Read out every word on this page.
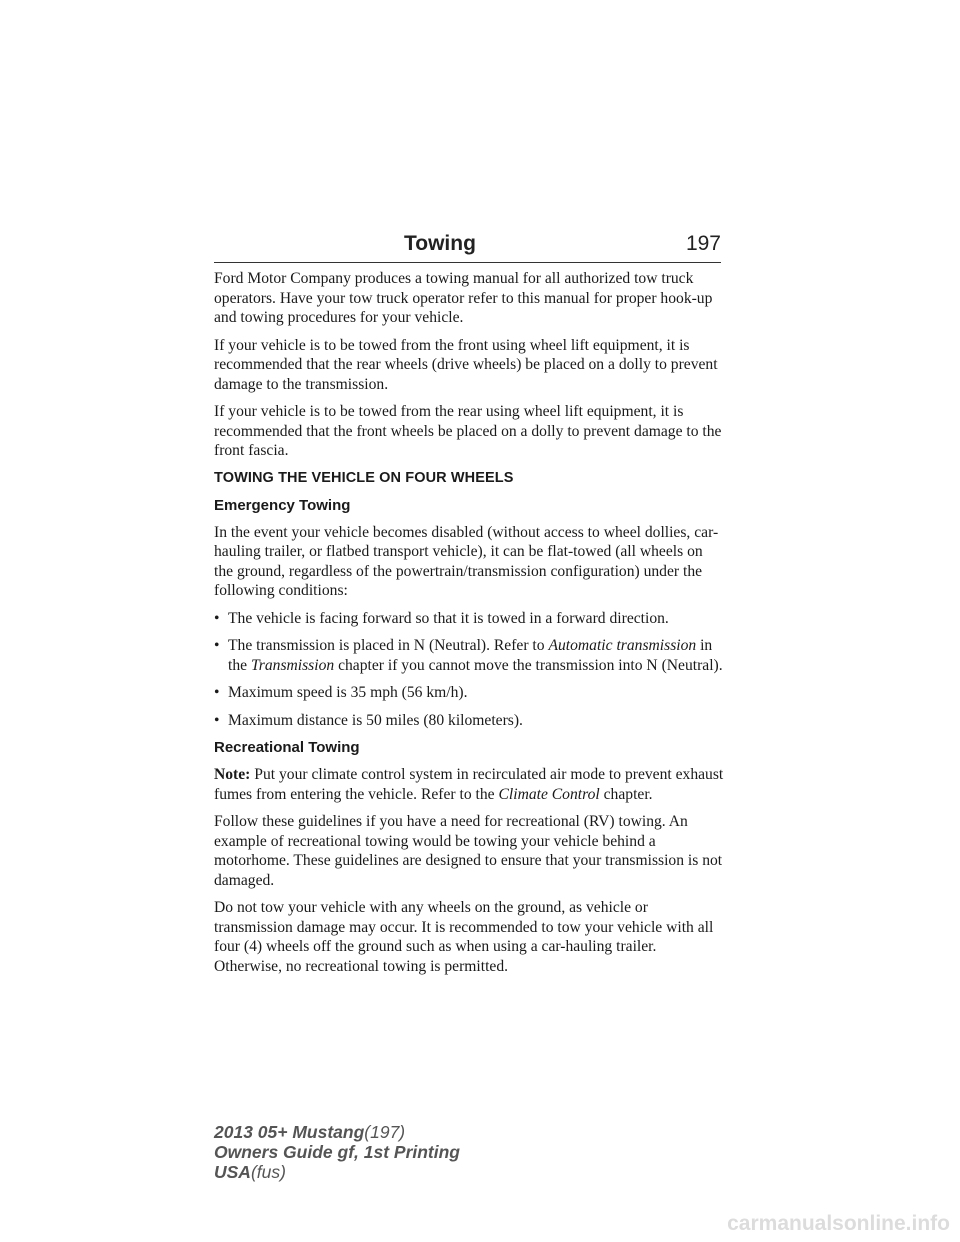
Towing	197

Ford Motor Company produces a towing manual for all authorized tow truck operators. Have your tow truck operator refer to this manual for proper hook-up and towing procedures for your vehicle.

If your vehicle is to be towed from the front using wheel lift equipment, it is recommended that the rear wheels (drive wheels) be placed on a dolly to prevent damage to the transmission.

If your vehicle is to be towed from the rear using wheel lift equipment, it is recommended that the front wheels be placed on a dolly to prevent damage to the front fascia.

TOWING THE VEHICLE ON FOUR WHEELS
Emergency Towing

In the event your vehicle becomes disabled (without access to wheel dollies, car-hauling trailer, or flatbed transport vehicle), it can be flat-towed (all wheels on the ground, regardless of the powertrain/transmission configuration) under the following conditions:

• The vehicle is facing forward so that it is towed in a forward direction.
• The transmission is placed in N (Neutral). Refer to Automatic transmission in the Transmission chapter if you cannot move the transmission into N (Neutral).
• Maximum speed is 35 mph (56 km/h).
• Maximum distance is 50 miles (80 kilometers).
Recreational Towing

Note: Put your climate control system in recirculated air mode to prevent exhaust fumes from entering the vehicle. Refer to the Climate Control chapter.

Follow these guidelines if you have a need for recreational (RV) towing. An example of recreational towing would be towing your vehicle behind a motorhome. These guidelines are designed to ensure that your transmission is not damaged.

Do not tow your vehicle with any wheels on the ground, as vehicle or transmission damage may occur. It is recommended to tow your vehicle with all four (4) wheels off the ground such as when using a car-hauling trailer. Otherwise, no recreational towing is permitted.

2013 05+ Mustang(197)
Owners Guide gf, 1st Printing
USA(fus)
carmanualsonline.info
